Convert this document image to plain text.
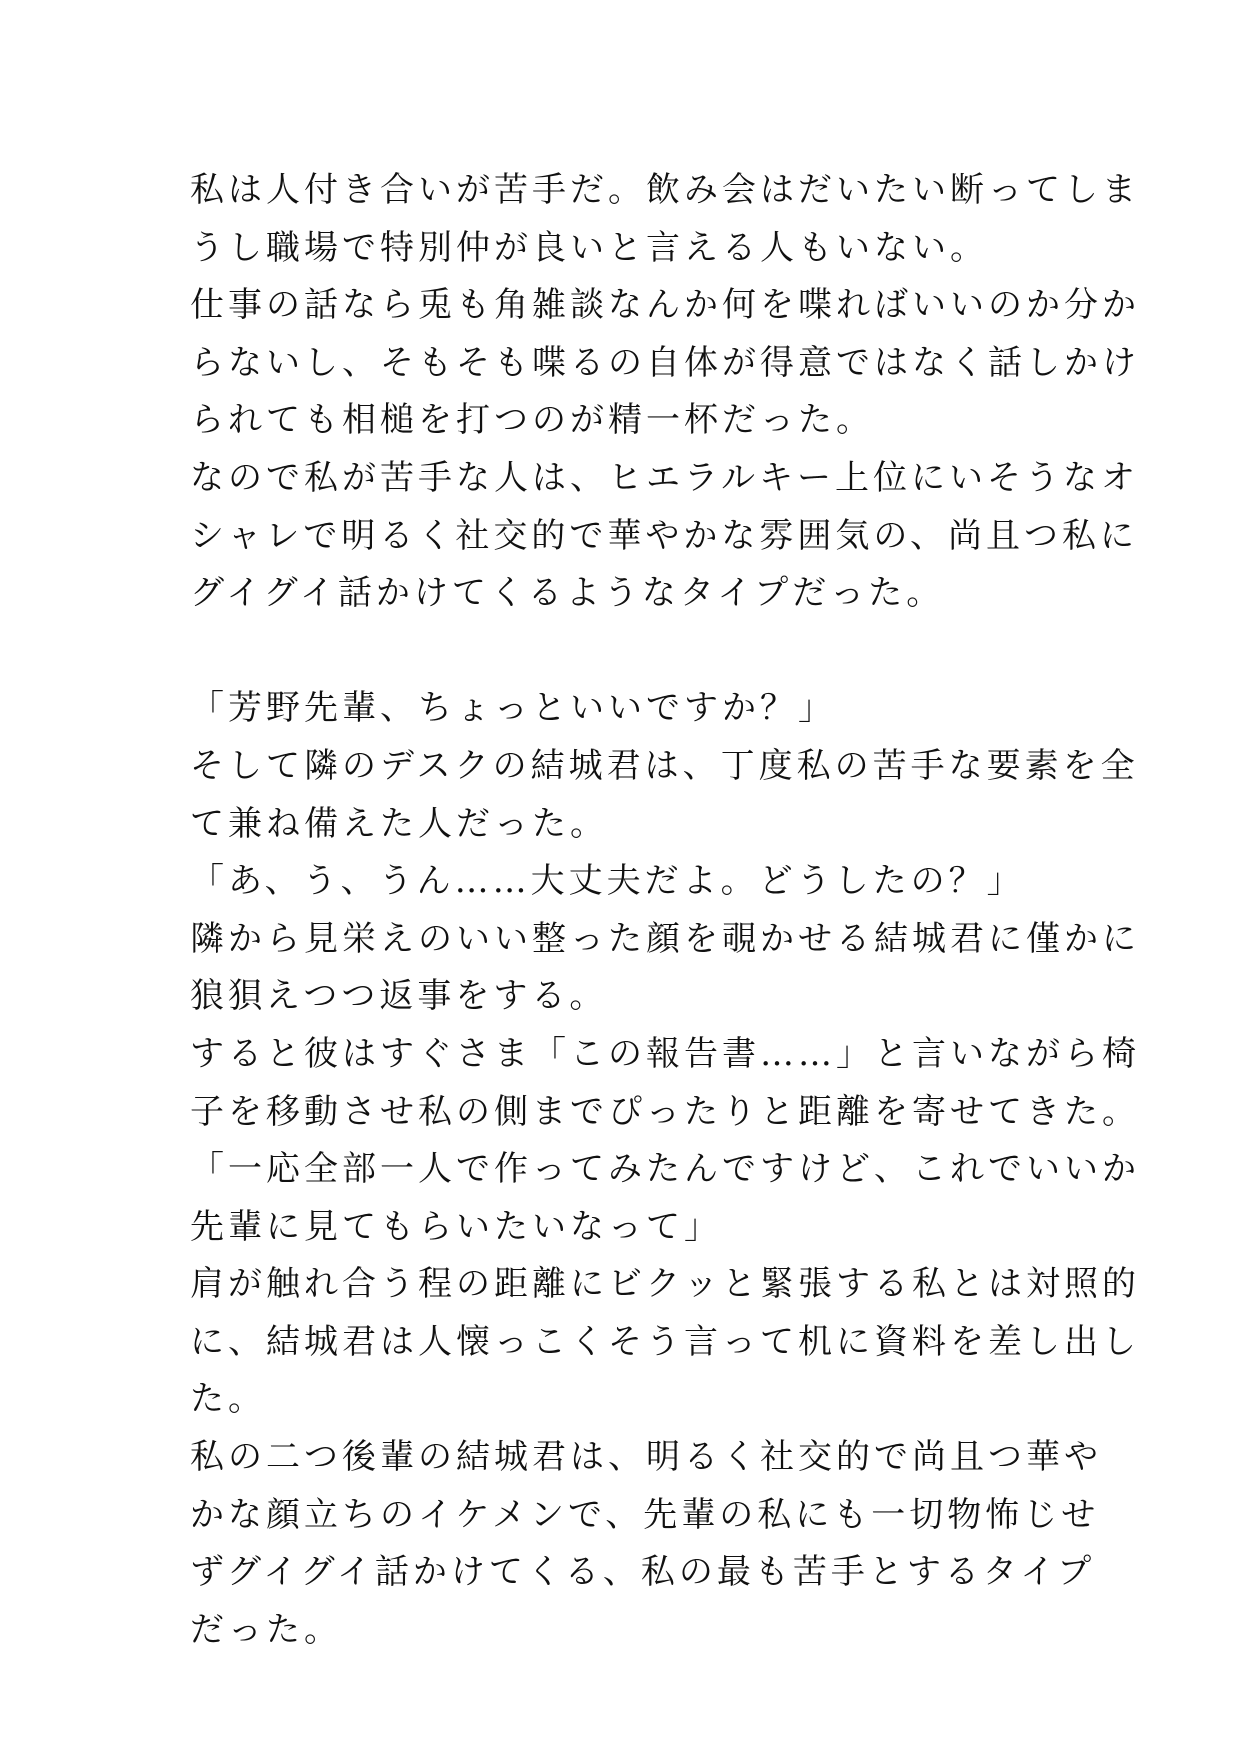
私は人付き合いが苦手だ。飲み会はだいたい断ってしま
うし職場で特別仲が良いと言える人もいない。
仕事の話なら兎も角雑談なんか何を喋ればいいのか分か
らないし、そもそも喋るの自体が得意ではなく話しかけ
られても相槌を打つのが精一杯だった。
なので私が苦手な人は、ヒエラルキー上位にいそうなオ
シャレで明るく社交的で華やかな雰囲気の、尚且つ私に
グイグイ話かけてくるようなタイプだった。
「芳野先輩、ちょっといいですか？」
そして隣のデスクの結城君は、丁度私の苦手な要素を全
て兼ね備えた人だった。
「あ、う、うん……大丈夫だよ。どうしたの？」
隣から見栄えのいい整った顔を覗かせる結城君に僅かに
狼狽えつつ返事をする。
すると彼はすぐさま「この報告書……」と言いながら椅
子を移動させ私の側までぴったりと距離を寄せてきた。
「一応全部一人で作ってみたんですけど、これでいいか
先輩に見てもらいたいなって」
肩が触れ合う程の距離にビクッと緊張する私とは対照的
に、結城君は人懐っこくそう言って机に資料を差し出し
た。
私の二つ後輩の結城君は、明るく社交的で尚且つ華や
かな顔立ちのイケメンで、先輩の私にも一切物怖じせ
ずグイグイ話かけてくる、私の最も苦手とするタイプ
だった。
